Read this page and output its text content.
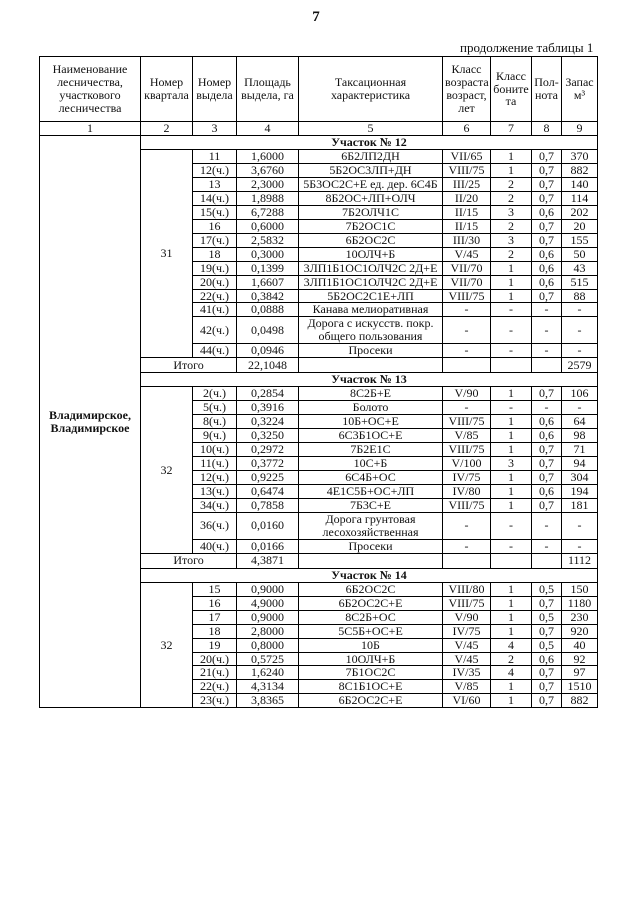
7
продолжение таблицы 1
Наименование лесничества, участкового лесничества	Номер квартала	Номер выдела	Площадь выдела, га	Таксационная характеристика	Класс возраста возраст, лет	Класс боните та	Пол- нота	Запас м³
1	2	3	4	5	6	7	8	9
Владимирское, Владимирское	Участок № 12							
	31	11	1,6000	6Б2ЛП2ДН	VII/65	1	0,7	370
		12(ч.)	3,6760	5Б2ОС3ЛП+ДН	VIII/75	1	0,7	882
		13	2,3000	5Б3ОС2С+Е ед. дер. 6С4Б	III/25	2	0,7	140
		14(ч.)	1,8988	8Б2ОС+ЛП+ОЛЧ	II/20	2	0,7	114
		15(ч.)	6,7288	7Б2ОЛЧ1С	II/15	3	0,6	202
		16	0,6000	7Б2ОС1С	II/15	2	0,7	20
		17(ч.)	2,5832	6Б2ОС2С	III/30	3	0,7	155
		18	0,3000	10ОЛЧ+Б	V/45	2	0,6	50
		19(ч.)	0,1399	3ЛП1Б1ОС1ОЛЧ2С 2Д+Е	VII/70	1	0,6	43
		20(ч.)	1,6607	3ЛП1Б1ОС1ОЛЧ2С 2Д+Е	VII/70	1	0,6	515
		22(ч.)	0,3842	5Б2ОС2С1Е+ЛП	VIII/75	1	0,7	88
		41(ч.)	0,0888	Канава мелиоративная	-	-	-	-
		42(ч.)	0,0498	Дорога с искусств. покр. общего пользования	-	-	-	-
		44(ч.)	0,0946	Просеки	-	-	-	-
	Итого		22,1048					2579
	Участок № 13							
	32	2(ч.)	0,2854	8С2Б+Е	V/90	1	0,7	106
		5(ч.)	0,3916	Болото	-	-	-	-
		8(ч.)	0,3224	10Б+ОС+Е	VIII/75	1	0,6	64
		9(ч.)	0,3250	6С3Б1ОС+Е	V/85	1	0,6	98
		10(ч.)	0,2972	7Б2Е1С	VIII/75	1	0,7	71
		11(ч.)	0,3772	10С+Б	V/100	3	0,7	94
		12(ч.)	0,9225	6С4Б+ОС	IV/75	1	0,7	304
		13(ч.)	0,6474	4Е1С5Б+ОС+ЛП	IV/80	1	0,6	194
		34(ч.)	0,7858	7Б3С+Е	VIII/75	1	0,7	181
		36(ч.)	0,0160	Дорога грунтовая лесохозяйственная	-	-	-	-
		40(ч.)	0,0166	Просеки	-	-	-	-
	Итого		4,3871					1112
	Участок № 14							
	32	15	0,9000	6Б2ОС2С	VIII/80	1	0,5	150
		16	4,9000	6Б2ОС2С+Е	VIII/75	1	0,7	1180
		17	0,9000	8С2Б+ОС	V/90	1	0,5	230
		18	2,8000	5С5Б+ОС+Е	IV/75	1	0,7	920
		19	0,8000	10Б	V/45	4	0,5	40
		20(ч.)	0,5725	10ОЛЧ+Б	V/45	2	0,6	92
		21(ч.)	1,6240	7Б1ОС2С	IV/35	4	0,7	97
		22(ч.)	4,3134	8С1Б1ОС+Е	V/85	1	0,7	1510
		23(ч.)	3,8365	6Б2ОС2С+Е	VI/60	1	0,7	882
